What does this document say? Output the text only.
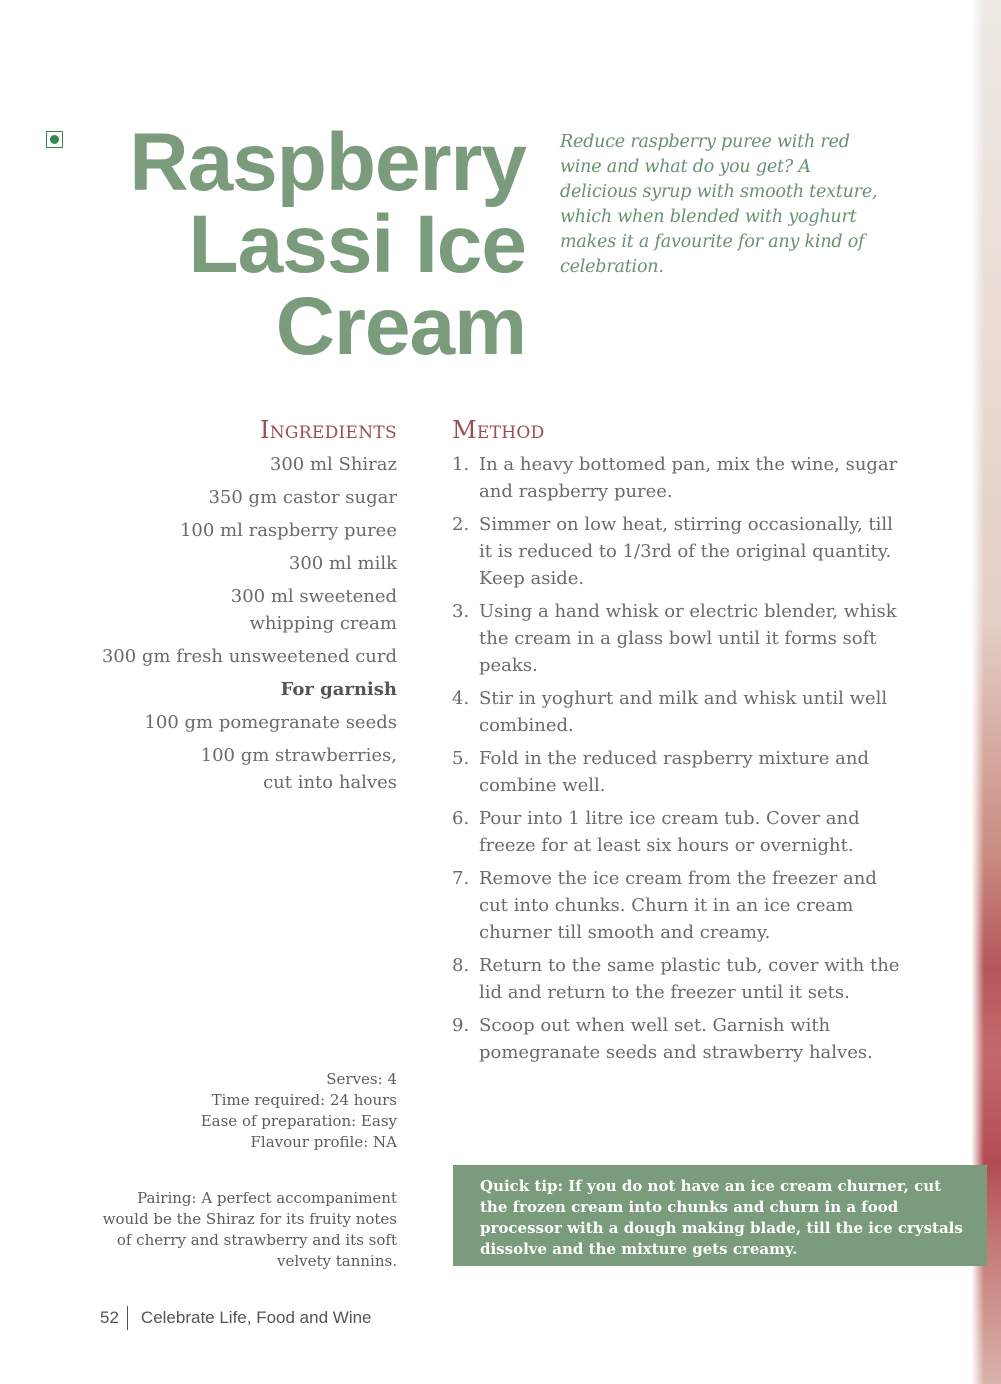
Raspberry
Lassi Ice
Cream

Reduce raspberry puree with red wine and what do you get? A delicious syrup with smooth texture, which when blended with yoghurt makes it a favourite for any kind of celebration.

Ingredients Method
300 ml Shiraz
350 gm castor sugar
100 ml raspberry puree
300 ml milk
300 ml sweetened whipping cream
300 gm fresh unsweetened curd
For garnish
100 gm pomegranate seeds
100 gm strawberries, cut into halves
1. In a heavy bottomed pan, mix the wine, sugar and raspberry puree.
2. Simmer on low heat, stirring occasionally, till it is reduced to 1/3rd of the original quantity. Keep aside.
3. Using a hand whisk or electric blender, whisk the cream in a glass bowl until it forms soft peaks.
4. Stir in yoghurt and milk and whisk until well combined.
5. Fold in the reduced raspberry mixture and combine well.
6. Pour into 1 litre ice cream tub. Cover and freeze for at least six hours or overnight.
7. Remove the ice cream from the freezer and cut into chunks. Churn it in an ice cream churner till smooth and creamy.
8. Return to the same plastic tub, cover with the lid and return to the freezer until it sets.
9. Scoop out when well set. Garnish with pomegranate seeds and strawberry halves.
Serves: 4
Time required: 24 hours
Ease of preparation: Easy
Flavour profile: NA

Pairing: A perfect accompaniment would be the Shiraz for its fruity notes of cherry and strawberry and its soft velvety tannins.

Quick tip: If you do not have an ice cream churner, cut the frozen cream into chunks and churn in a food processor with a dough making blade, till the ice crystals dissolve and the mixture gets creamy.

52 Celebrate Life, Food and Wine
